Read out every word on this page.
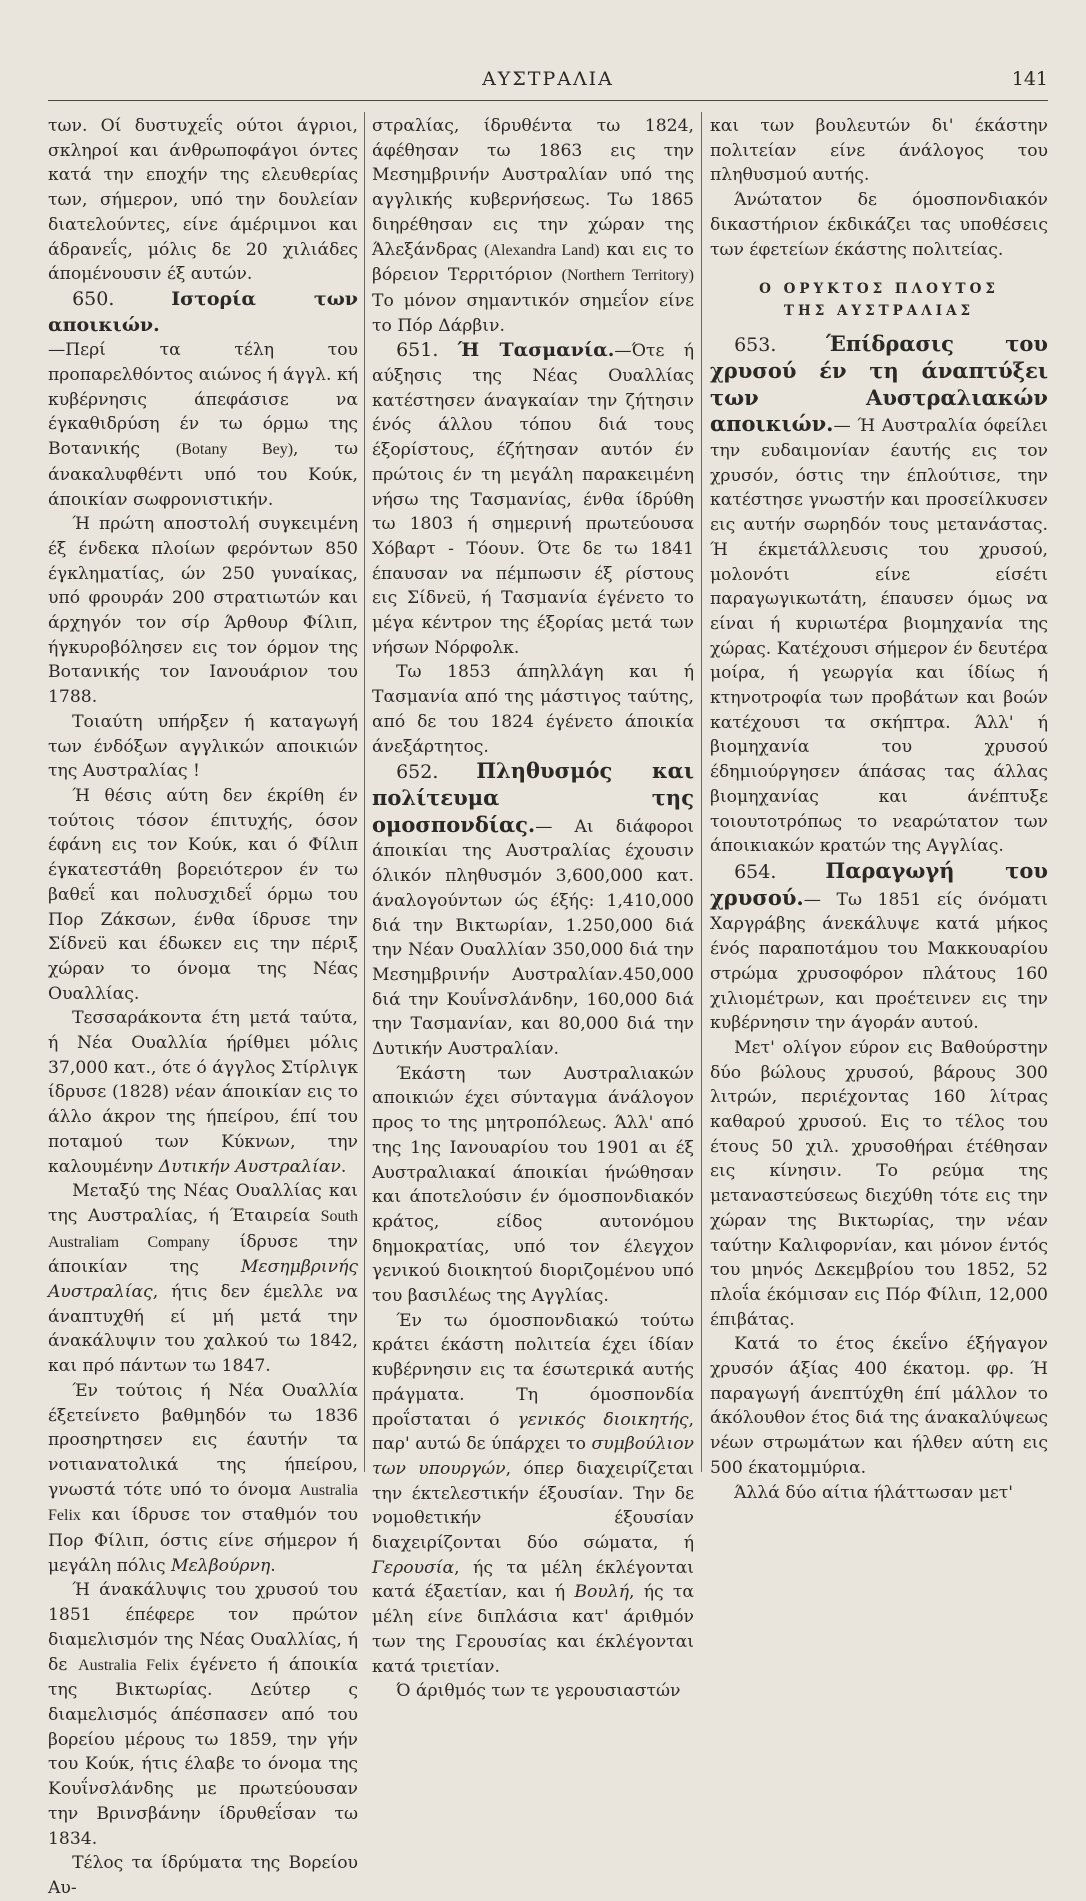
ΑΥΣΤΡΑΛΙΑ	141

των. Οί δυστυχεΐς ούτοι άγριοι, σκληροί και άνθρωποφάγοι όντες κατά την εποχήν της ελευθερίας των, σήμερον, υπό την δουλείαν διατελούντες, είνε άμέριμνοι και άδρανεΐς, μόλις δε 20 χιλιάδες άπομένουσιν έξ αυτών.

650.	Ιστορία των αποικιών.

—Περί τα τέλη του προπαρελθόντος αιώνος ή άγγλ. κή κυβέρνησις άπεφάσισε να έγκαθιδρύση έν τω όρμω της Βοτανικής (Botany Bey), τω άνακαλυφθέντι υπό του Κούκ, άποικίαν σωφρονιστικήν.

Ή πρώτη αποστολή συγκειμένη έξ ένδεκα πλοίων φερόντων 850 έγκληματίας, ών 250 γυναίκας, υπό φρουράν 200 στρατιωτών και άρχηγόν τον σίρ Άρθουρ Φίλιπ, ήγκυροβόλησεν εις τον όρμον της Βοτανικής τον Ιανουάριον του 1788.

Τοιαύτη υπήρξεν ή καταγωγή των ένδόξων αγγλικών αποικιών της Αυστραλίας !

Ή θέσις αύτη δεν έκρίθη έν τούτοις τόσον έπιτυχής, όσον έφάνη εις τον Κούκ, και ό Φίλιπ έγκατεστάθη βορειότερον έν τω βαθεΐ και πολυσχιδεΐ όρμω του Πορ Ζάκσων, ένθα ίδρυσε την Σίδνεϋ και έδωκεν εις την πέριξ χώραν το όνομα της Νέας Ουαλλίας.

Τεσσαράκοντα έτη μετά ταύτα, ή Νέα Ουαλλία ήρίθμει μόλις 37,000 κατ., ότε ό άγγλος Στίρλιγκ ίδρυσε (1828) νέαν άποικίαν εις το άλλο άκρον της ήπείρου, έπί του ποταμού των Κύκνων, την καλουμένην Δυτικήν Αυστραλίαν.

Μεταξύ της Νέας Ουαλλίας και της Αυστραλίας, ή Έταιρεία South Australiam Company ίδρυσε την άποικίαν της Μεσημβρινής Αυστραλίας, ήτις δεν έμελλε να άναπτυχθή εί μή μετά την άνακάλυψιν του χαλκού τω 1842, και πρό πάντων τω 1847.

Έν τούτοις ή Νέα Ουαλλία έξετείνετο βαθμηδόν τω 1836 προσηρτησεν εις έαυτήν τα νοτιανατολικά της ήπείρου, γνωστά τότε υπό το όνομα Australia Felix και ίδρυσε τον σταθμόν του Πορ Φίλιπ, όστις είνε σήμερον ή μεγάλη πόλις Μελβούρνη.

Ή άνακάλυψις του χρυσού του 1851 έπέφερε τον πρώτον διαμελισμόν της Νέας Ουαλλίας, ή δε Australia Felix έγένετο ή άποικία της Βικτωρίας. Δεύτερ ς διαμελισμός άπέσπασεν από του βορείου μέρους τω 1859, την γήν του Κούκ, ήτις έλαβε το όνομα της Κουΐνσλάνδης με πρωτεύουσαν την Βρινσβάνην ίδρυθεΐσαν τω 1834.

Τέλος τα ίδρύματα της Βορείου Αυ-

στραλίας, ίδρυθέντα τω 1824, άφέθησαν τω 1863 εις την Μεσημβρινήν Αυστραλίαν υπό της αγγλικής κυβερνήσεως. Τω 1865 διηρέθησαν εις την χώραν της Άλεξάνδρας (Alexandra Land) και εις το βόρειον Τερριτόριον (Northern Territory) Το μόνον σημαντικόν σημεΐον είνε το Πόρ Δάρβιν.

651. Ή Τασμανία.—Ότε ή αύξησις της Νέας Ουαλλίας κατέστησεν άναγκαίαν την ζήτησιν ένός άλλου τόπου διά τους έξορίστους, έζήτησαν αυτόν έν πρώτοις έν τη μεγάλη παρακειμένη νήσω της Τασμανίας, ένθα ίδρύθη τω 1803 ή σημερινή πρωτεύουσα Χόβαρτ - Τόουν. Ότε δε τω 1841 έπαυσαν να πέμπωσιν έξ ρίστους εις Σίδνεϋ, ή Τασμανία έγένετο το μέγα κέντρον της έξορίας μετά των νήσων Νόρφολκ.

Τω 1853 άπηλλάγη και ή Τασμανία από της μάστιγος ταύτης, από δε του 1824 έγένετο άποικία άνεξάρτητος.

652. Πληθυσμός και πολίτευμα της ομοσπονδίας.— Αι διάφοροι άποικίαι της Αυστραλίας έχουσιν όλικόν πληθυσμόν 3,600,000 κατ. άναλογούντων ώς έξής: 1,410,000 διά την Βικτωρίαν, 1.250,000 διά την Νέαν Ουαλλίαν 350,000 διά την Μεσημβρινήν Αυστραλίαν.450,000 διά την Κουΐνσλάνδην, 160,000 διά την Τασμανίαν, και 80,000 διά την Δυτικήν Αυστραλίαν.

Έκάστη των Αυστραλιακών αποικιών έχει σύνταγμα άνάλογον προς το της μητροπόλεως. Άλλ' από της 1ης Ιανουαρίου του 1901 αι έξ Αυστραλιακαί άποικίαι ήνώθησαν και άποτελούσιν έν όμοσπονδιακόν κράτος, είδος αυτονόμου δημοκρατίας, υπό τον έλεγχον γενικού διοικητού διοριζομένου υπό του βασιλέως της Αγγλίας.

Έν τω όμοσπονδιακώ τούτω κράτει έκάστη πολιτεία έχει ίδίαν κυβέρνησιν εις τα έσωτερικά αυτής πράγματα. Τη όμοσπονδία προΐσταται ό γενικός διοικητής, παρ' αυτώ δε ύπάρχει το συμβούλιον των υπουργών, όπερ διαχειρίζεται την έκτελεστικήν έξουσίαν. Την δε νομοθετικήν έξουσίαν διαχειρίζονται δύο σώματα, ή Γερουσία, ής τα μέλη έκλέγονται κατά έξαετίαν, και ή Βουλή, ής τα μέλη είνε διπλάσια κατ' άριθμόν των της Γερουσίας και έκλέγονται κατά τριετίαν.

Ό άριθμός των τε γερουσιαστών

και των βουλευτών δι' έκάστην πολιτείαν είνε άνάλογος του πληθυσμού αυτής.

Άνώτατον δε όμοσπονδιακόν δικαστήριον έκδικάζει τας υποθέσεις των έφετείων έκάστης πολιτείας.

Ο ΟΡΥΚΤΟΣ ΠΛΟΥΤΟΣ
ΤΗΣ ΑΥΣΤΡΑΛΙΑΣ

653. Έπίδρασις του χρυσού έν τη άναπτύξει των Αυστραλιακών αποικιών.— Ή Αυστραλία όφείλει την ευδαιμονίαν έαυτής εις τον χρυσόν, όστις την έπλούτισε, την κατέστησε γνωστήν και προσείλκυσεν εις αυτήν σωρηδόν τους μετανάστας. Ή έκμετάλλευσις του χρυσού, μολονότι είνε είσέτι παραγωγικωτάτη, έπαυσεν όμως να είναι ή κυριωτέρα βιομηχανία της χώρας. Κατέχουσι σήμερον έν δευτέρα μοίρα, ή γεωργία και ίδίως ή κτηνοτροφία των προβάτων και βοών κατέχουσι τα σκήπτρα. Άλλ' ή βιομηχανία του χρυσού έδημιούργησεν άπάσας τας άλλας βιομηχανίας και άνέπτυξε τοιουτοτρόπως το νεαρώτατον των άποικιακών κρατών της Αγγλίας.

654. Παραγωγή του χρυσού.— Τω 1851 είς όνόματι Χαργράβης άνεκάλυψε κατά μήκος ένός παραποτάμου του Μακκουαρίου στρώμα χρυσοφόρον πλάτους 160 χιλιομέτρων, και προέτεινεν εις την κυβέρνησιν την άγοράν αυτού.

Μετ' ολίγον εύρον εις Βαθούρστην δύο βώλους χρυσού, βάρους 300 λιτρών, περιέχοντας 160 λίτρας καθαρού χρυσού. Εις το τέλος του έτους 50 χιλ. χρυσοθήραι έτέθησαν εις κίνησιν. Το ρεύμα της μεταναστεύσεως διεχύθη τότε εις την χώραν της Βικτωρίας, την νέαν ταύτην Καλιφορνίαν, και μόνον έντός του μηνός Δεκεμβρίου του 1852, 52 πλοΐα έκόμισαν εις Πόρ Φίλιπ, 12,000 έπιβάτας.

Κατά το έτος έκεΐνο έξήγαγον χρυσόν άξίας 400 έκατομ. φρ. Ή παραγωγή άνεπτύχθη έπί μάλλον το άκόλουθον έτος διά της άνακαλύψεως νέων στρωμάτων και ήλθεν αύτη εις 500 έκατομμύρια.

Άλλά δύο αίτια ήλάττωσαν μετ'
